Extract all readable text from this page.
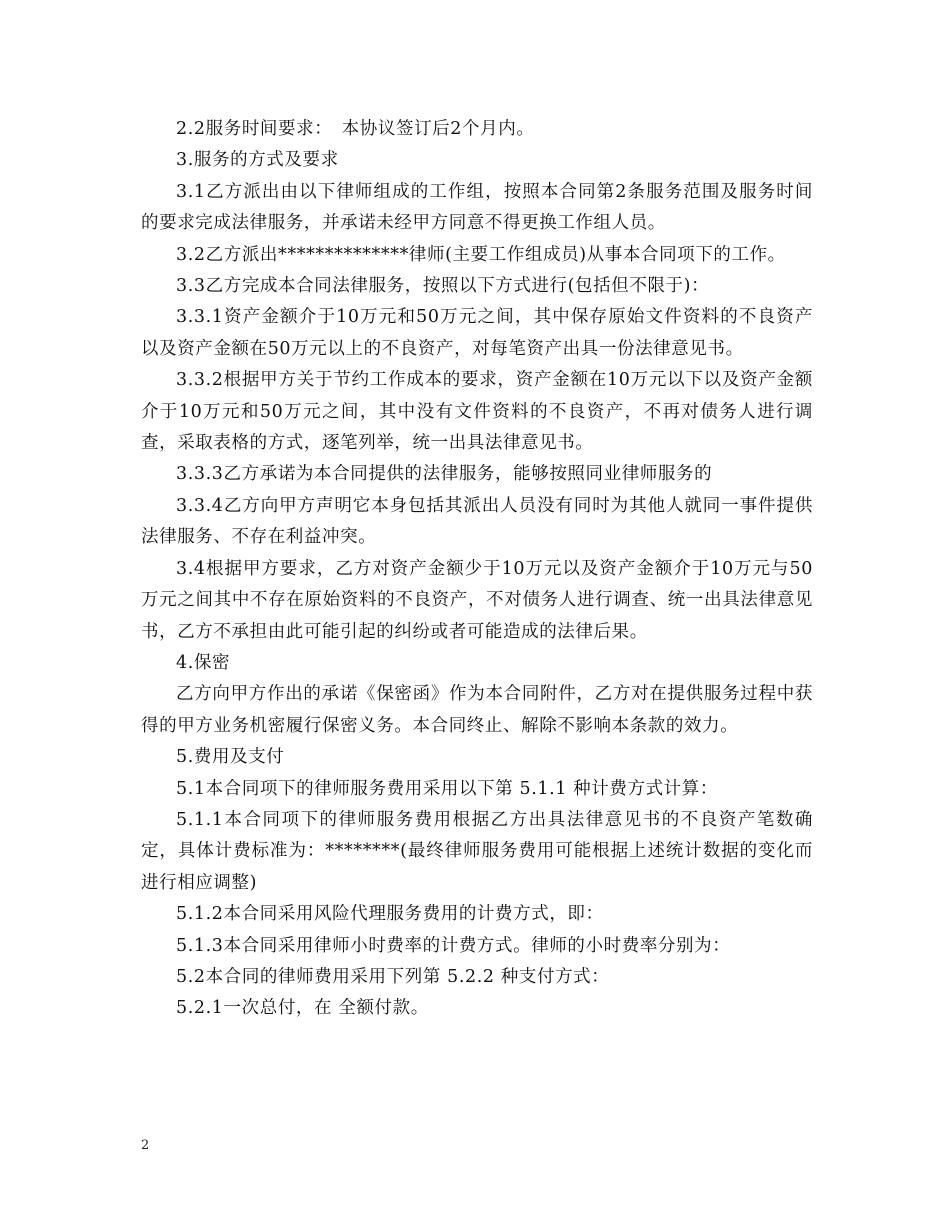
2.2服务时间要求：　本协议签订后2个月内。

3.服务的方式及要求

3.1乙方派出由以下律师组成的工作组，按照本合同第2条服务范围及服务时间的要求完成法律服务，并承诺未经甲方同意不得更换工作组人员。

3.2乙方派出**************律师(主要工作组成员)从事本合同项下的工作。

3.3乙方完成本合同法律服务，按照以下方式进行(包括但不限于)：

3.3.1资产金额介于10万元和50万元之间，其中保存原始文件资料的不良资产以及资产金额在50万元以上的不良资产，对每笔资产出具一份法律意见书。

3.3.2根据甲方关于节约工作成本的要求，资产金额在10万元以下以及资产金额介于10万元和50万元之间，其中没有文件资料的不良资产，不再对债务人进行调查，采取表格的方式，逐笔列举，统一出具法律意见书。

3.3.3乙方承诺为本合同提供的法律服务，能够按照同业律师服务的

3.3.4乙方向甲方声明它本身包括其派出人员没有同时为其他人就同一事件提供法律服务、不存在利益冲突。

3.4根据甲方要求，乙方对资产金额少于10万元以及资产金额介于10万元与50万元之间其中不存在原始资料的不良资产，不对债务人进行调查、统一出具法律意见书，乙方不承担由此可能引起的纠纷或者可能造成的法律后果。

4.保密

乙方向甲方作出的承诺《保密函》作为本合同附件，乙方对在提供服务过程中获得的甲方业务机密履行保密义务。本合同终止、解除不影响本条款的效力。

5.费用及支付

5.1本合同项下的律师服务费用采用以下第 5.1.1 种计费方式计算：

5.1.1本合同项下的律师服务费用根据乙方出具法律意见书的不良资产笔数确定，具体计费标准为：********(最终律师服务费用可能根据上述统计数据的变化而进行相应调整)

5.1.2本合同采用风险代理服务费用的计费方式，即：

5.1.3本合同采用律师小时费率的计费方式。律师的小时费率分别为：

5.2本合同的律师费用采用下列第 5.2.2 种支付方式：

5.2.1一次总付，在 全额付款。

2
